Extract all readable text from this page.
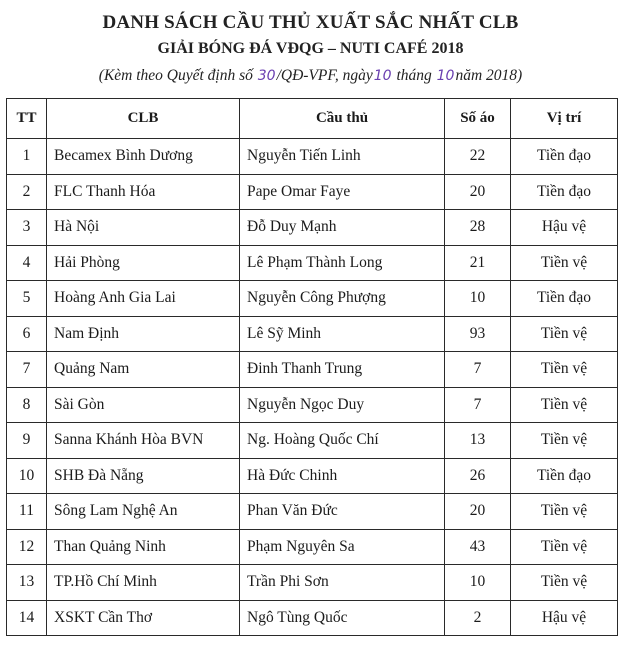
DANH SÁCH CẦU THỦ XUẤT SẮC NHẤT CLB
GIẢI BÓNG ĐÁ VĐQG – NUTI CAFÉ 2018
(Kèm theo Quyết định số 30/QĐ-VPF, ngày10 tháng 10năm 2018)
TT	CLB	Cầu thủ	Số áo	Vị trí
1	Becamex Bình Dương	Nguyễn Tiến Linh	22	Tiền đạo
2	FLC Thanh Hóa	Pape Omar Faye	20	Tiền đạo
3	Hà Nội	Đỗ Duy Mạnh	28	Hậu vệ
4	Hải Phòng	Lê Phạm Thành Long	21	Tiền vệ
5	Hoàng Anh Gia Lai	Nguyễn Công Phượng	10	Tiền đạo
6	Nam Định	Lê Sỹ Minh	93	Tiền vệ
7	Quảng Nam	Đinh Thanh Trung	7	Tiền vệ
8	Sài Gòn	Nguyễn Ngọc Duy	7	Tiền vệ
9	Sanna Khánh Hòa BVN	Ng. Hoàng Quốc Chí	13	Tiền vệ
10	SHB Đà Nẵng	Hà Đức Chinh	26	Tiền đạo
11	Sông Lam Nghệ An	Phan Văn Đức	20	Tiền vệ
12	Than Quảng Ninh	Phạm Nguyên Sa	43	Tiền vệ
13	TP.Hồ Chí Minh	Trần Phi Sơn	10	Tiền vệ
14	XSKT Cần Thơ	Ngô Tùng Quốc	2	Hậu vệ
